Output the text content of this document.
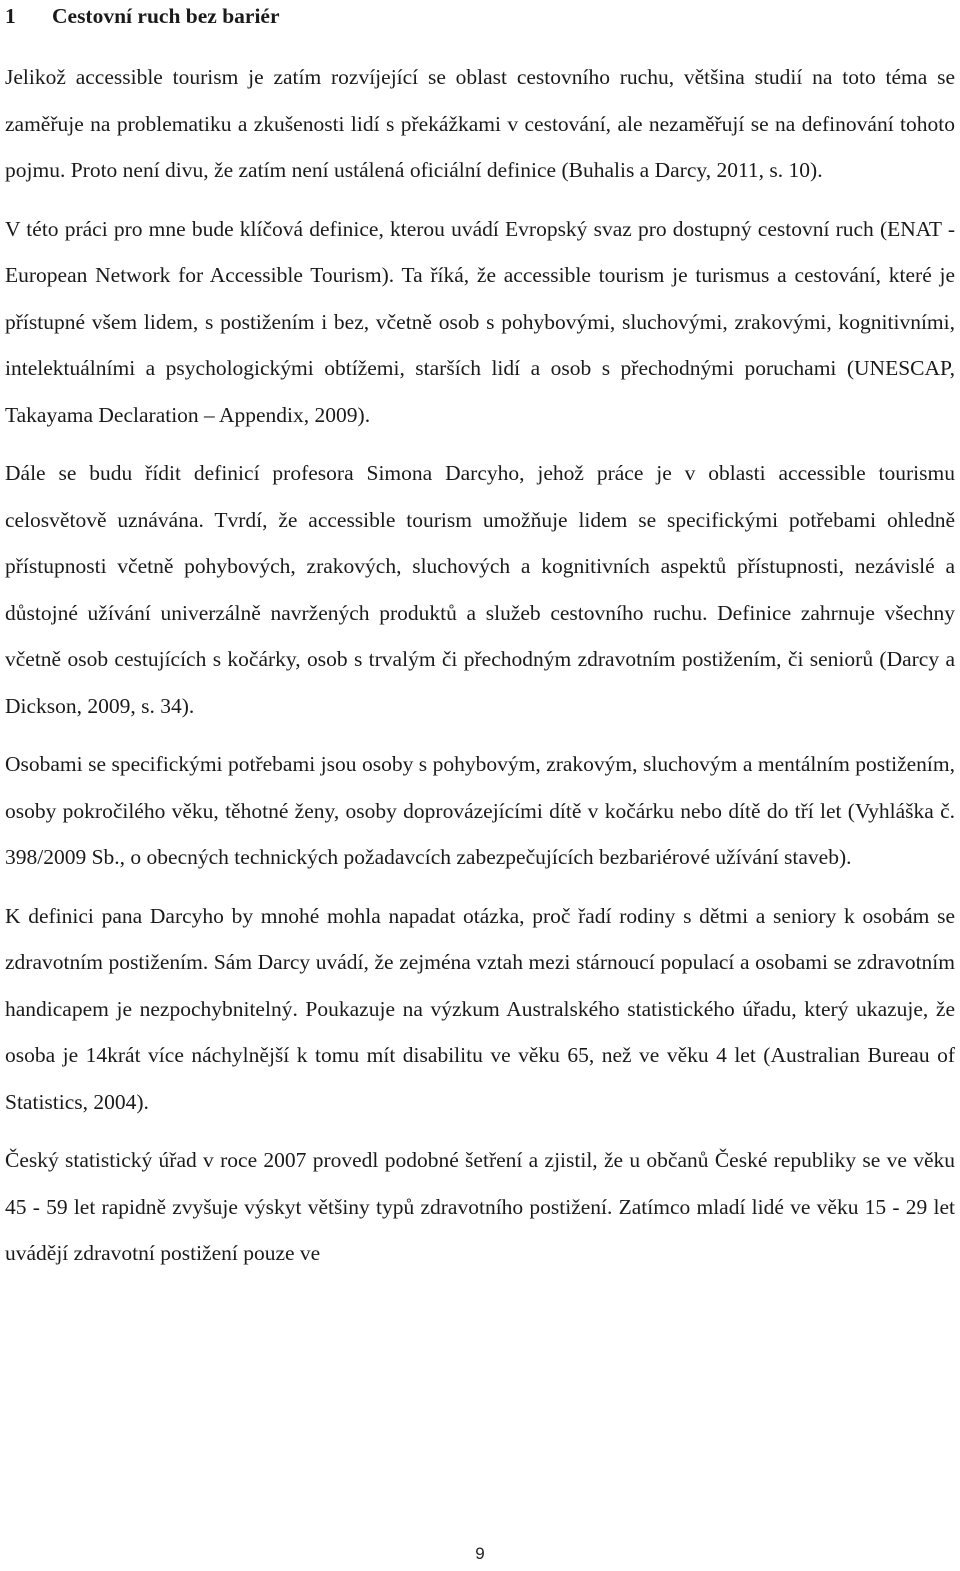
1 Cestovní ruch bez bariér

Jelikož accessible tourism je zatím rozvíjející se oblast cestovního ruchu, většina studií na toto téma se zaměřuje na problematiku a zkušenosti lidí s překážkami v cestování, ale nezaměřují se na definování tohoto pojmu. Proto není divu, že zatím není ustálená oficiální definice (Buhalis a Darcy, 2011, s. 10).

V této práci pro mne bude klíčová definice, kterou uvádí Evropský svaz pro dostupný cestovní ruch (ENAT - European Network for Accessible Tourism). Ta říká, že accessible tourism je turismus a cestování, které je přístupné všem lidem, s postižením i bez, včetně osob s pohybovými, sluchovými, zrakovými, kognitivními, intelektuálními a psychologickými obtížemi, starších lidí a osob s přechodnými poruchami (UNESCAP, Takayama Declaration – Appendix, 2009).

Dále se budu řídit definicí profesora Simona Darcyho, jehož práce je v oblasti accessible tourismu celosvětově uznávána. Tvrdí, že accessible tourism umožňuje lidem se specifickými potřebami ohledně přístupnosti včetně pohybových, zrakových, sluchových a kognitivních aspektů přístupnosti, nezávislé a důstojné užívání univerzálně navržených produktů a služeb cestovního ruchu. Definice zahrnuje všechny včetně osob cestujících s kočárky, osob s trvalým či přechodným zdravotním postižením, či seniorů (Darcy a Dickson, 2009, s. 34).

Osobami se specifickými potřebami jsou osoby s pohybovým, zrakovým, sluchovým a mentálním postižením, osoby pokročilého věku, těhotné ženy, osoby doprovázejícími dítě v kočárku nebo dítě do tří let (Vyhláška č. 398/2009 Sb., o obecných technických požadavcích zabezpečujících bezbariérové užívání staveb).

K definici pana Darcyho by mnohé mohla napadat otázka, proč řadí rodiny s dětmi a seniory k osobám se zdravotním postižením. Sám Darcy uvádí, že zejména vztah mezi stárnoucí populací a osobami se zdravotním handicapem je nezpochybnitelný. Poukazuje na výzkum Australského statistického úřadu, který ukazuje, že osoba je 14krát více náchylnější k tomu mít disabilitu ve věku 65, než ve věku 4 let (Australian Bureau of Statistics, 2004).

Český statistický úřad v roce 2007 provedl podobné šetření a zjistil, že u občanů České republiky se ve věku 45 - 59 let rapidně zvyšuje výskyt většiny typů zdravotního postižení. Zatímco mladí lidé ve věku 15 - 29 let uvádějí zdravotní postižení pouze ve

9
